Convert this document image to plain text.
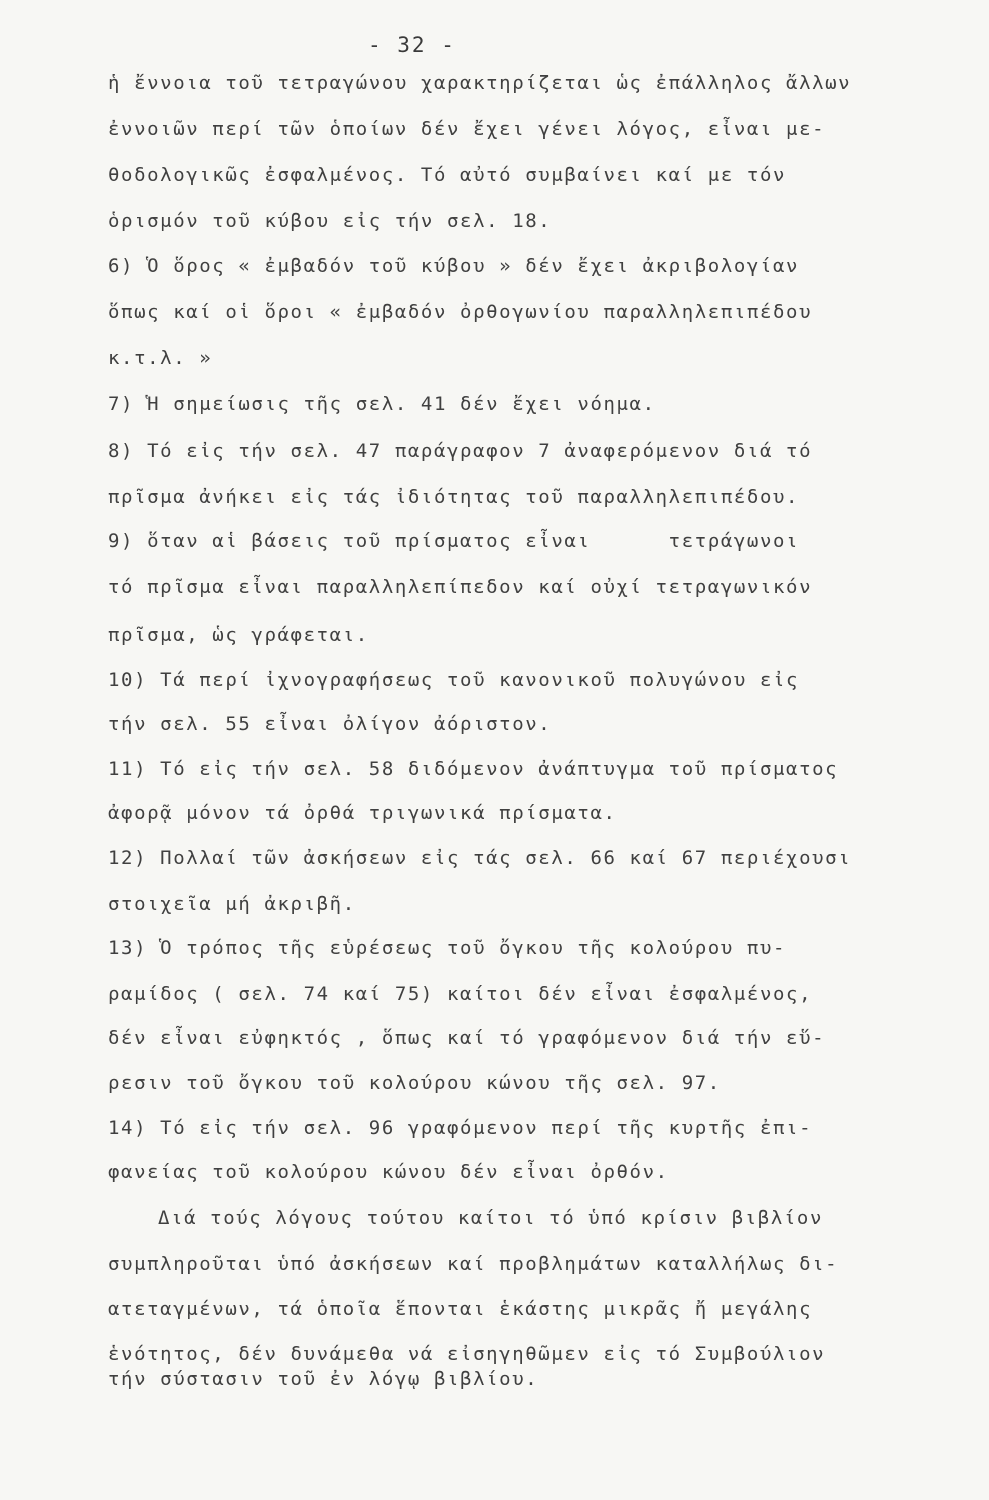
- 32 -
ἡ ἔννοια τοῦ τετραγώνου χαρακτηρίζεται ὡς ἐπάλληλος ἄλλων
ἐννοιῶν περί τῶν ὁποίων δέν ἔχει γένει λόγος, εἶναι με-
θοδολογικῶς ἐσφαλμένος. Τό αὐτό συμβαίνει καί με τόν
ὁρισμόν τοῦ κύβου εἰς τήν σελ. 18.
6) Ὁ ὅρος « ἐμβαδόν τοῦ κύβου » δέν ἔχει ἀκριβολογίαν
ὅπως καί οἱ ὅροι « ἐμβαδόν ὀρθογωνίου παραλληλεπιπέδου
κ.τ.λ. »
7) Ἡ σημείωσις τῆς σελ. 41 δέν ἔχει νόημα.
8) Τό εἰς τήν σελ. 47 παράγραφον 7 ἀναφερόμενον διά τό
πρῖσμα ἀνήκει εἰς τάς ἰδιότητας τοῦ παραλληλεπιπέδου.
9) ὅταν αἱ βάσεις τοῦ πρίσματος εἶναι      τετράγωνοι
τό πρῖσμα εἶναι παραλληλεπίπεδον καί οὐχί τετραγωνικόν
πρῖσμα, ὡς γράφεται.
10) Τά περί ἰχνογραφήσεως τοῦ κανονικοῦ πολυγώνου εἰς
τήν σελ. 55 εἶναι ὀλίγον ἀόριστον.
11) Τό εἰς τήν σελ. 58 διδόμενον ἀνάπτυγμα τοῦ πρίσματος
ἀφορᾷ μόνον τά ὀρθά τριγωνικά πρίσματα.
12) Πολλαί τῶν ἀσκήσεων εἰς τάς σελ. 66 καί 67 περιέχουσι
στοιχεῖα μή ἀκριβῆ.
13) Ὁ τρόπος τῆς εὑρέσεως τοῦ ὄγκου τῆς κολούρου πυ-
ραμίδος ( σελ. 74 καί 75) καίτοι δέν εἶναι ἐσφαλμένος,
δέν εἶναι εὐφηκτός , ὅπως καί τό γραφόμενον διά τήν εὕ-
ρεσιν τοῦ ὄγκου τοῦ κολούρου κώνου τῆς σελ. 97.
14) Τό εἰς τήν σελ. 96 γραφόμενον περί τῆς κυρτῆς ἐπι-
φανείας τοῦ κολούρου κώνου δέν εἶναι ὀρθόν.
Διά τούς λόγους τούτου καίτοι τό ὑπό κρίσιν βιβλίον
συμπληροῦται ὑπό ἀσκήσεων καί προβλημάτων καταλλήλως δι-
ατεταγμένων, τά ὁποῖα ἕπονται ἑκάστης μικρᾶς ἤ μεγάλης
ἑνότητος, δέν δυνάμεθα νά εἰσηγηθῶμεν εἰς τό Συμβούλιον
τήν σύστασιν τοῦ ἐν λόγῳ βιβλίου.
